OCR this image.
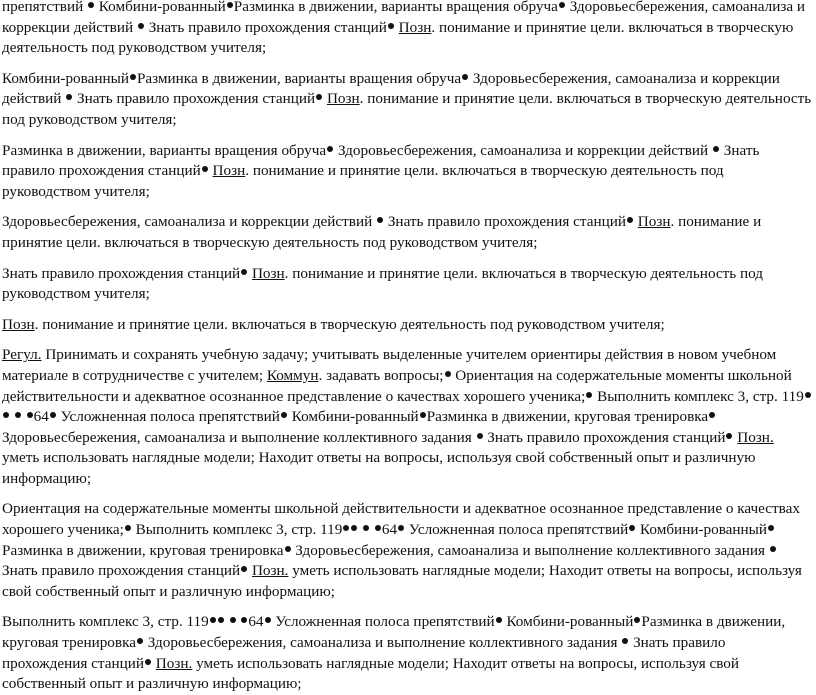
препятствий  Комбини-рованный Разминка в движении, варианты вращения обруча Здоровьесбережения, самоанализа и коррекции действий  Знать правило прохождения станций Позн. понимание и принятие цели. включаться в творческую деятельность под руководством учителя;

Комбини-рованный Разминка в движении, варианты вращения обруча Здоровьесбережения, самоанализа и коррекции действий  Знать правило прохождения станций Позн. понимание и принятие цели. включаться в творческую деятельность под руководством учителя;

Разминка в движении, варианты вращения обруча Здоровьесбережения, самоанализа и коррекции действий  Знать правило прохождения станций Позн. понимание и принятие цели. включаться в творческую деятельность под руководством учителя;

Здоровьесбережения, самоанализа и коррекции действий  Знать правило прохождения станций Позн. понимание и принятие цели. включаться в творческую деятельность под руководством учителя;

Знать правило прохождения станций Позн. понимание и принятие цели. включаться в творческую деятельность под руководством учителя;

Позн. понимание и принятие цели. включаться в творческую деятельность под руководством учителя;

Регул. Принимать и сохранять учебную задачу; учитывать выделенные учителем ориентиры действия в новом учебном материале в сотрудничестве с учителем; Коммун. задавать вопросы; Ориентация на содержательные моменты школьной действительности и адекватное осознанное представление о качествах хорошего ученика; Выполнить комплекс 3, стр. 119  64 Усложненная полоса препятствий Комбини-рованный Разминка в движении, круговая тренировка Здоровьесбережения, самоанализа и выполнение коллективного задания  Знать правило прохождения станций Позн. уметь использовать наглядные модели; Находит ответы на вопросы, используя свой собственный опыт и различную информацию;

Ориентация на содержательные моменты школьной действительности и адекватное осознанное представление о качествах хорошего ученика; Выполнить комплекс 3, стр. 119	64 Усложненная полоса препятствий Комбини-рованныйРазминка в движении, круговая тренировка Здоровьесбережения, самоанализа и выполнение коллективного задания  Знать правило прохождения станций Позн. уметь использовать наглядные модели; Находит ответы на вопросы, используя свой собственный опыт и различную информацию;

Выполнить комплекс 3, стр. 119	64 Усложненная полоса препятствий Комбини-рованный Разминка в движении, круговая тренировка Здоровьесбережения, самоанализа и выполнение коллективного задания  Знать правило прохождения станций Позн. уметь использовать наглядные модели; Находит ответы на вопросы, используя свой собственный опыт и различную информацию;
